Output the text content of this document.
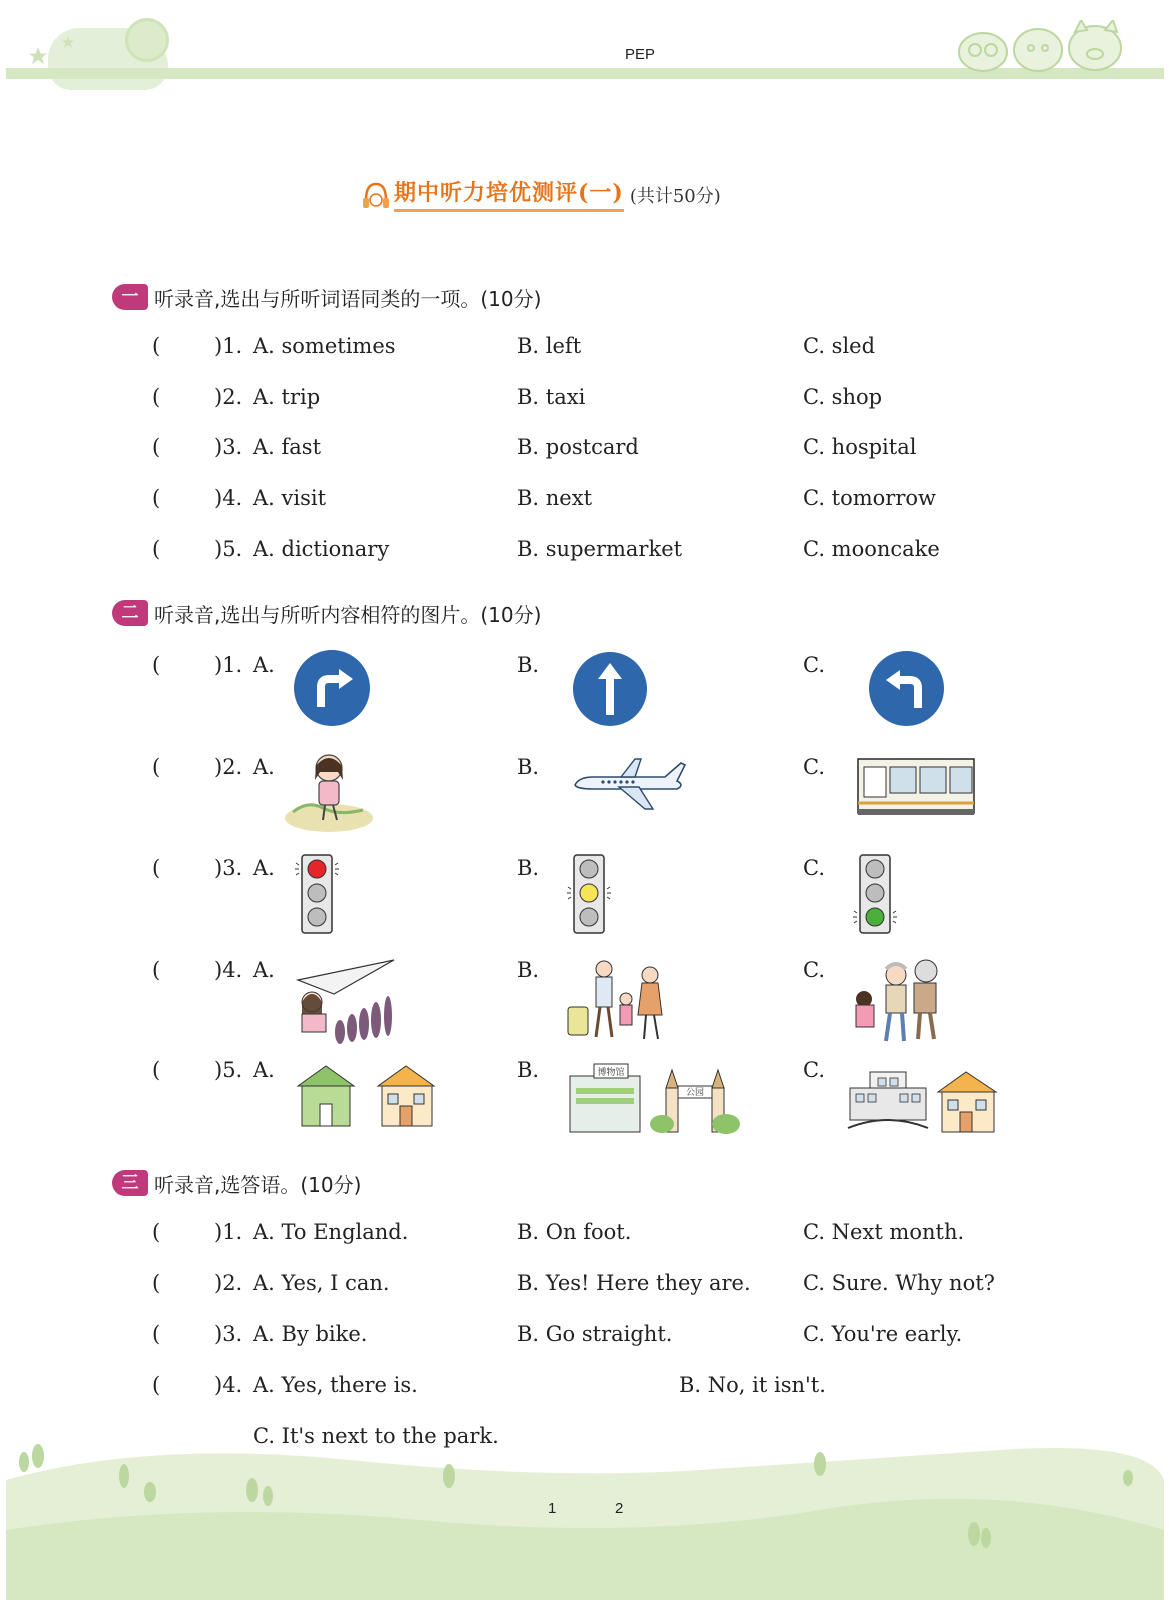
PEP
期中听力培优测评(一) (共计50分)
一 听录音,选出与所听词语同类的一项。(10分)
(	)1. A. sometimes	B. left	C. sled
(	)2. A. trip	B. taxi	C. shop
(	)3. A. fast	B. postcard	C. hospital
(	)4. A. visit	B. next	C. tomorrow
(	)5. A. dictionary	B. supermarket	C. mooncake
二 听录音,选出与所听内容相符的图片。(10分)
(	)1. A.	B.	C.
(	)2. A.	B.	C.
(	)3. A.	B.	C.
(	)4. A.	B.	C.
(	)5. A.	B.	C.
博物馆
公园
三 听录音,选答语。(10分)
(	)1. A. To England.	B. On foot.	C. Next month.
(	)2. A. Yes, I can.	B. Yes! Here they are. C. Sure. Why not?
(	)3. A. By bike.	B. Go straight.	C. You're early.
(	)4. A. Yes, there is.	B. No, it isn't.
C. It's next to the park.
1	2
